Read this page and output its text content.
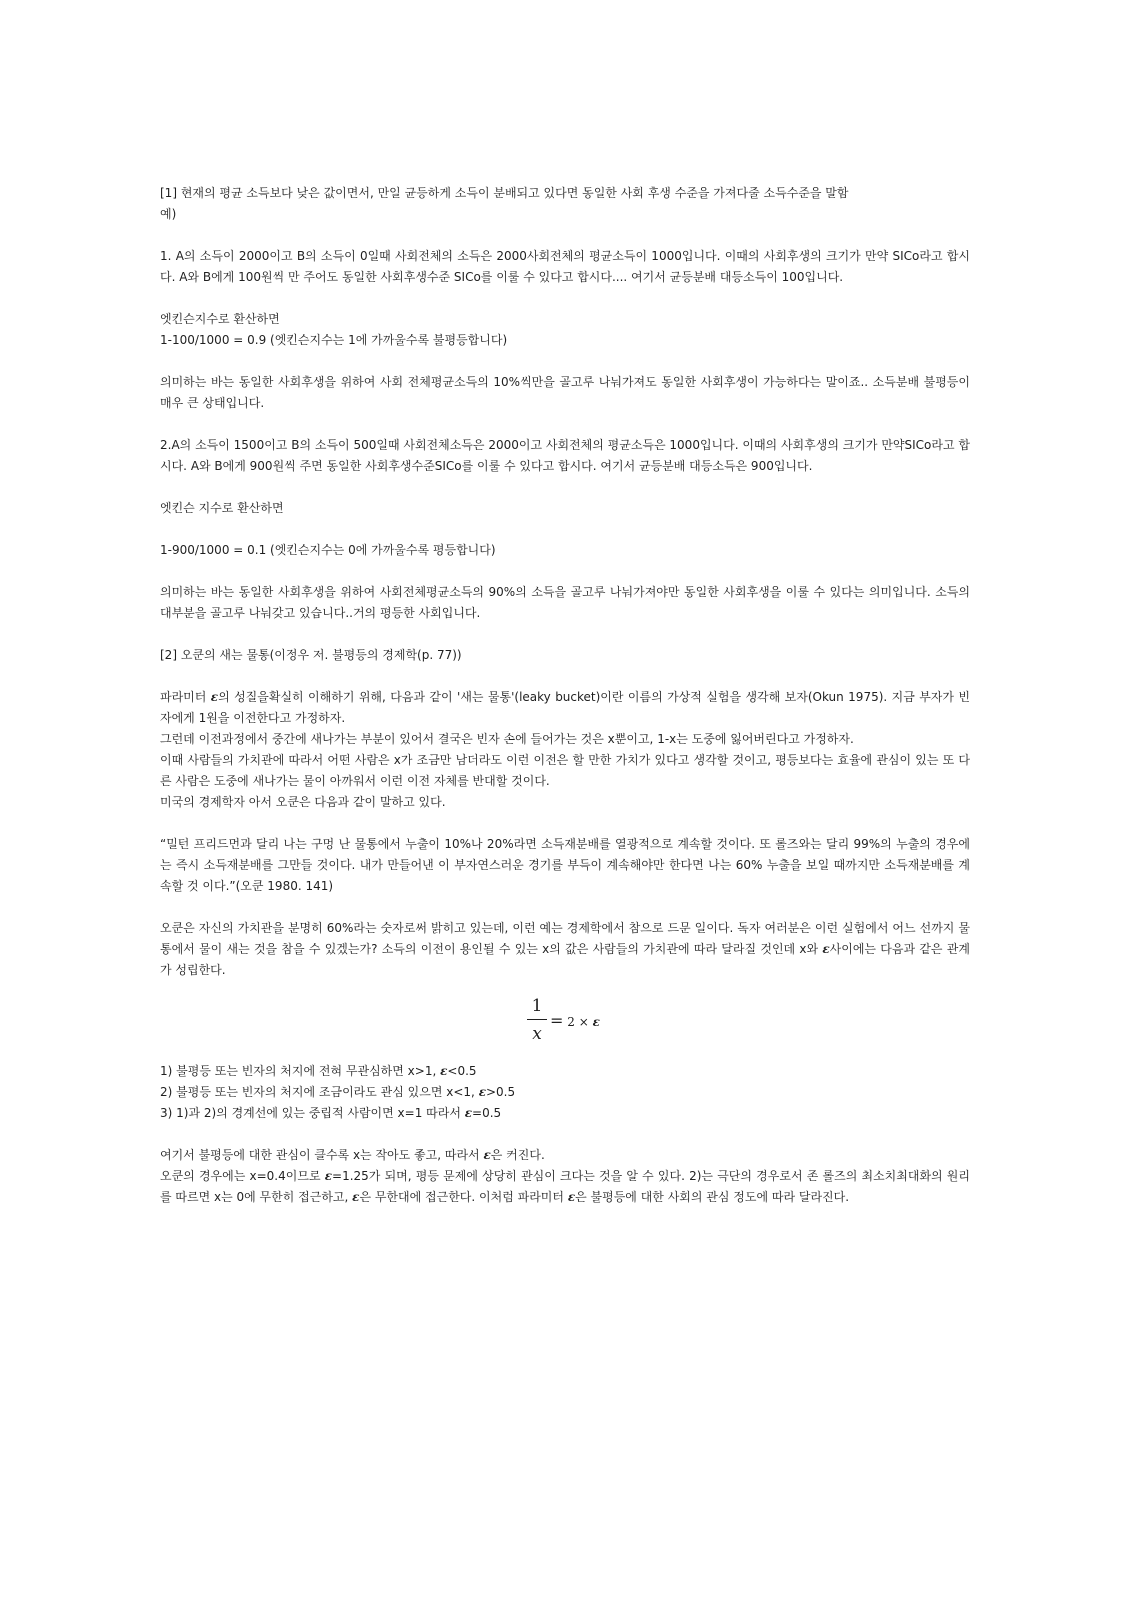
[1] 현재의 평균 소득보다 낮은 값이면서, 만일 균등하게 소득이 분배되고 있다면 동일한 사회 후생 수준을 가져다줄 소득수준을 말함

예)

1. A의 소득이 2000이고 B의 소득이 0일때 사회전체의 소득은 2000사회전체의 평균소득이 1000입니다. 이때의 사회후생의 크기가 만약 SICo라고 합시다. A와 B에게 100원씩 만 주어도 동일한 사회후생수준 SICo를 이룰 수 있다고 합시다.... 여기서 균등분배 대등소득이 100입니다.

엣킨슨지수로 환산하면

1-100/1000 = 0.9 (엣킨슨지수는 1에 가까울수록 불평등합니다)

의미하는 바는 동일한 사회후생을 위하여 사회 전체평균소득의 10%씩만을 골고루 나눠가져도 동일한 사회후생이 가능하다는 말이죠.. 소득분배 불평등이 매우 큰 상태입니다.

2.A의 소득이 1500이고 B의 소득이 500일때 사회전체소득은 2000이고 사회전체의 평균소득은 1000입니다. 이때의 사회후생의 크기가 만약SICo라고 합시다. A와 B에게 900원씩 주면 동일한 사회후생수준SICo를 이룰 수 있다고 합시다. 여기서 균등분배 대등소득은 900입니다.

엣킨슨 지수로 환산하면

1-900/1000 = 0.1 (엣킨슨지수는 0에 가까울수록 평등합니다)

의미하는 바는 동일한 사회후생을 위하여 사회전체평균소득의 90%의 소득을 골고루 나눠가져야만 동일한 사회후생을 이룰 수 있다는 의미입니다. 소득의 대부분을 골고루 나눠갖고 있습니다..거의 평등한 사회입니다.

[2] 오쿤의 새는 물통(이정우 저. 불평등의 경제학(p. 77))

파라미터 ε의 성질을확실히 이해하기 위해, 다음과 같이 '새는 물통'(leaky bucket)이란 이름의 가상적 실험을 생각해 보자(Okun 1975). 지금 부자가 빈자에게 1원을 이전한다고 가정하자.

그런데 이전과정에서 중간에 새나가는 부분이 있어서 결국은 빈자 손에 들어가는 것은 x뿐이고, 1-x는 도중에 잃어버린다고 가정하자.

이때 사람들의 가치관에 따라서 어떤 사람은 x가 조금만 남더라도 이런 이전은 할 만한 가치가 있다고 생각할 것이고, 평등보다는 효율에 관심이 있는 또 다른 사람은 도중에 새나가는 물이 아까워서 이런 이전 자체를 반대할 것이다.

미국의 경제학자 아서 오쿤은 다음과 같이 말하고 있다.

“밀턴 프리드먼과 달리 나는 구멍 난 물통에서 누출이 10%나 20%라면 소득재분배를 열광적으로 계속할 것이다. 또 롤즈와는 달리 99%의 누출의 경우에는 즉시 소득재분배를 그만들 것이다. 내가 만들어낸 이 부자연스러운 경기를 부득이 계속해야만 한다면 나는 60% 누출을 보일 때까지만 소득재분배를 계속할 것 이다.”(오쿤 1980. 141)

오쿤은 자신의 가치관을 분명히 60%라는 숫자로써 밝히고 있는데, 이런 예는 경제학에서 참으로 드문 일이다. 독자 여러분은 이런 실험에서 어느 선까지 물통에서 물이 새는 것을 참을 수 있겠는가? 소득의 이전이 용인될 수 있는 x의 값은 사람들의 가치관에 따라 달라질 것인데 x와 ε사이에는 다음과 같은 관계가 성립한다.

1
x
= 2 × ε

1) 불평등 또는 빈자의 처지에 전혀 무관심하면 x>1, ε<0.5

2) 불평등 또는 빈자의 처지에 조금이라도 관심 있으면 x<1, ε>0.5

3) 1)과 2)의 경계선에 있는 중립적 사람이면 x=1 따라서 ε=0.5

여기서 불평등에 대한 관심이 클수록 x는 작아도 좋고, 따라서 ε은 커진다.

오쿤의 경우에는 x=0.4이므로 ε=1.25가 되며, 평등 문제에 상당히 관심이 크다는 것을 알 수 있다. 2)는 극단의 경우로서 존 롤즈의 최소치최대화의 원리를 따르면 x는 0에 무한히 접근하고, ε은 무한대에 접근한다. 이처럼 파라미터 ε은 불평등에 대한 사회의 관심 정도에 따라 달라진다.
